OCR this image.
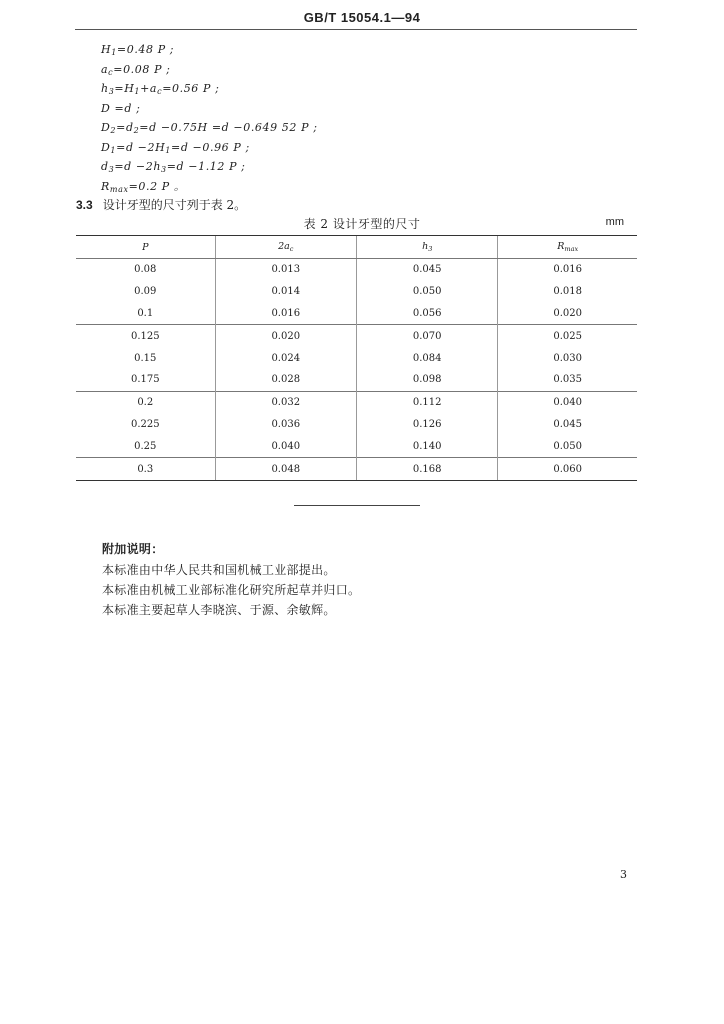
GB/T 15054.1—94
H1=0.48 P ;
ac=0.08 P ;
h3=H1+ac=0.56 P ;
D =d ;
D2=d2=d −0.75H =d −0.649 52 P ;
D1=d −2H1=d −0.96 P ;
d3=d −2h3=d −1.12 P ;
Rmax=0.2 P 。
3.3 设计牙型的尺寸列于表 2。
表 2 设计牙型的尺寸	mm
P	$2a_c$	$h_3$	$R_{max}$
0.08	0.013	0.045	0.016
0.09	0.014	0.050	0.018
0.1	0.016	0.056	0.020
0.125	0.020	0.070	0.025
0.15	0.024	0.084	0.030
0.175	0.028	0.098	0.035
0.2	0.032	0.112	0.040
0.225	0.036	0.126	0.045
0.25	0.040	0.140	0.050
0.3	0.048	0.168	0.060
附加说明：
本标准由中华人民共和国机械工业部提出。
本标准由机械工业部标准化研究所起草并归口。
本标准主要起草人李晓滨、于源、余敏辉。
3
